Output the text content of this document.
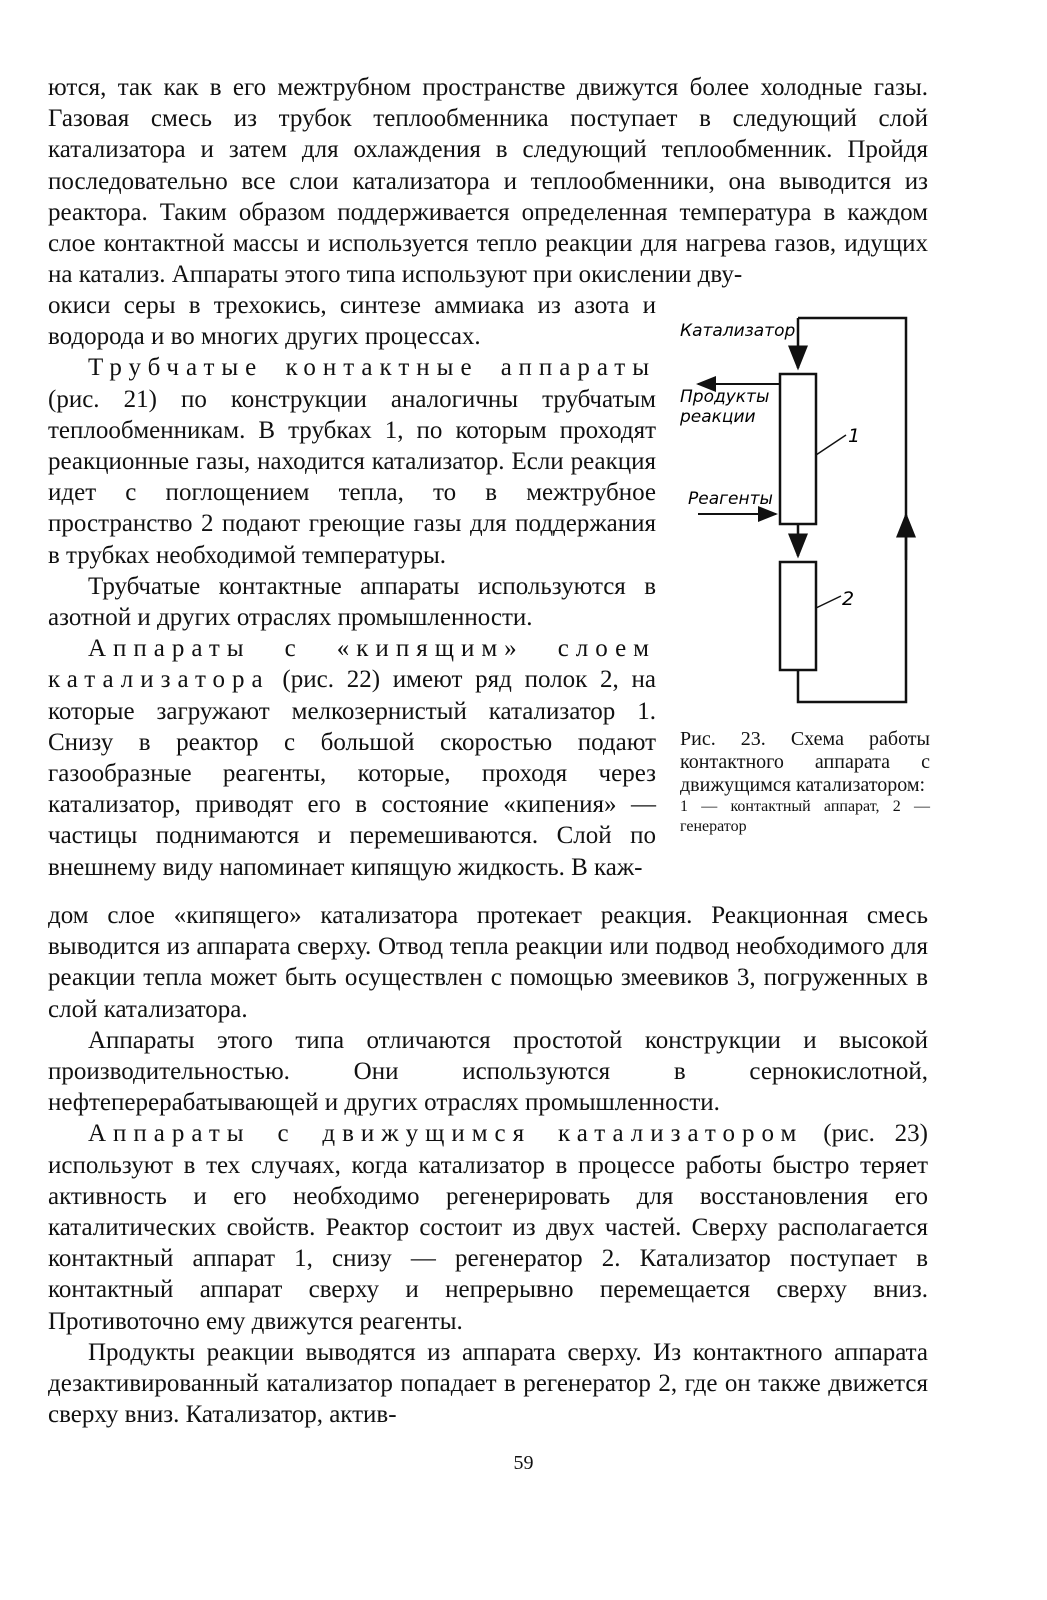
ются, так как в его межтрубном пространстве движутся более холодные газы. Газовая смесь из трубок теплообменника поступает в следующий слой катализатора и затем для охлаждения в следующий теплообменник. Пройдя последовательно все слои катализатора и теплообменники, она выводится из реактора. Таким образом поддерживается определенная температура в каждом слое контактной массы и используется тепло реакции для нагрева газов, идущих на катализ. Аппараты этого типа используют при окислении дву-
окиси серы в трехокись, синтезе аммиака из азота и водорода и во многих других процессах.
Трубчатые контактные аппараты (рис. 21) по конструкции аналогичны трубчатым теплообменникам. В трубках 1, по которым проходят реакционные газы, находится катализатор. Если реакция идет с поглощением тепла, то в межтрубное пространство 2 подают греющие газы для поддержания в трубках необходимой температуры.
Трубчатые контактные аппараты используются в азотной и других отраслях промышленности.
Аппараты с «кипящим» слоем катализатора (рис. 22) имеют ряд полок 2, на которые загружают мелкозернистый катализатор 1. Снизу в реактор с большой скоростью подают газообразные реагенты, которые, проходя через катализатор, приводят его в состояние «кипения» — частицы поднимаются и перемешиваются. Слой по внешнему виду напоминает кипящую жидкость. В каж-
Катализатор
Продукты
реакции
Реагенты
1
2
Рис. 23. Схема работы контактного аппарата с движущимся катализатором:
1 — контактный аппарат, 2 — генератор
дом слое «кипящего» катализатора протекает реакция. Реакционная смесь выводится из аппарата сверху. Отвод тепла реакции или подвод необходимого для реакции тепла может быть осуществлен с помощью змеевиков 3, погруженных в слой катализатора.
Аппараты этого типа отличаются простотой конструкции и высокой производительностью. Они используются в сернокислотной, нефтеперерабатывающей и других отраслях промышленности.
Аппараты с движущимся катализатором (рис. 23) используют в тех случаях, когда катализатор в процессе работы быстро теряет активность и его необходимо регенерировать для восстановления его каталитических свойств. Реактор состоит из двух частей. Сверху располагается контактный аппарат 1, снизу — регенератор 2. Катализатор поступает в контактный аппарат сверху и непрерывно перемещается сверху вниз. Противоточно ему движутся реагенты.
Продукты реакции выводятся из аппарата сверху. Из контактного аппарата дезактивированный катализатор попадает в регенератор 2, где он также движется сверху вниз. Катализатор, актив-
59
